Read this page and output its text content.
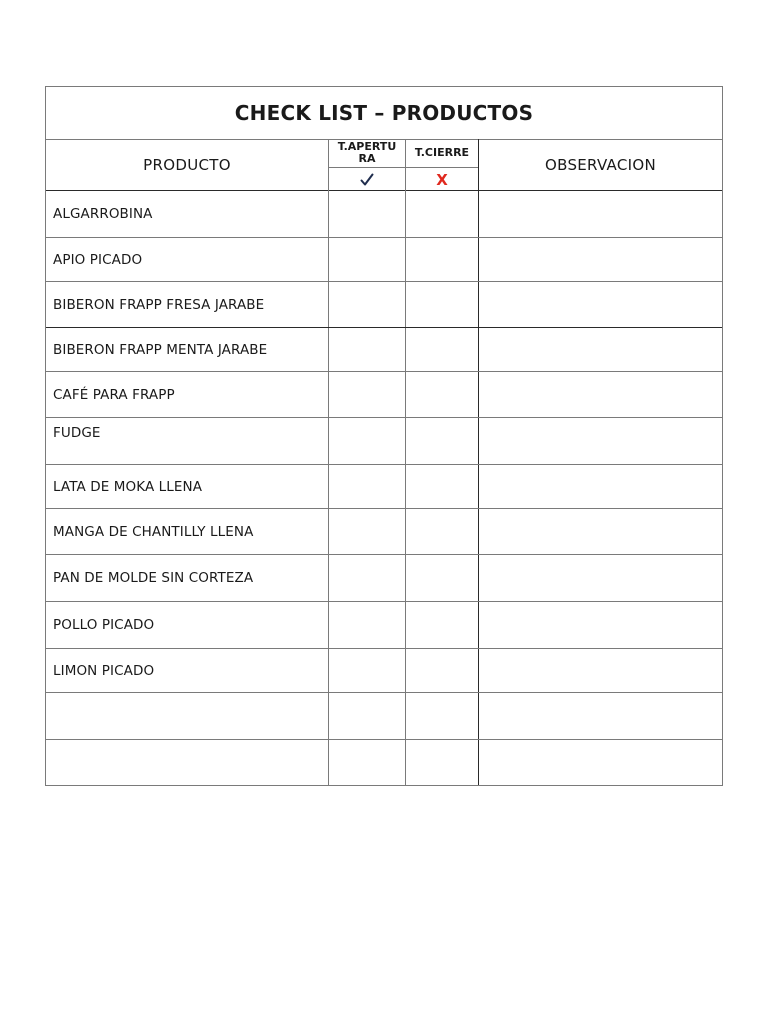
CHECK LIST – PRODUCTOS
PRODUCTO
T.APERTURA	T.CIERRE
X
OBSERVACION
ALGARROBINA
APIO PICADO
BIBERON FRAPP FRESA JARABE
BIBERON FRAPP MENTA JARABE
CAFÉ PARA FRAPP
FUDGE
LATA DE MOKA LLENA
MANGA DE CHANTILLY LLENA
PAN DE MOLDE SIN CORTEZA
POLLO PICADO
LIMON PICADO
